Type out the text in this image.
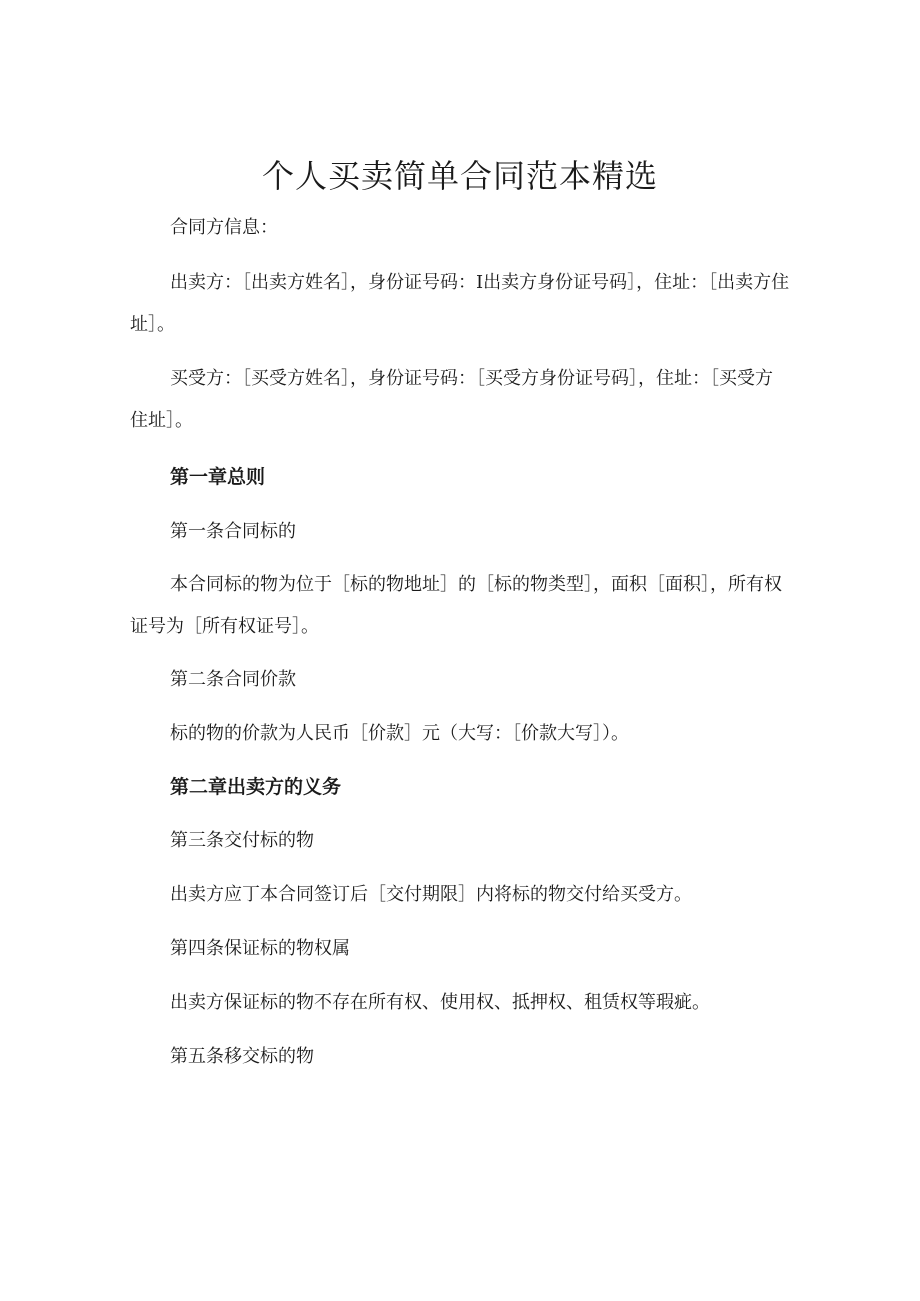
个人买卖简单合同范本精选

合同方信息：

出卖方：［出卖方姓名］，身份证号码：I出卖方身份证号码］，住址：［出卖方住址］。

买受方：［买受方姓名］，身份证号码：［买受方身份证号码］，住址：［买受方住址］。

第一章总则

第一条合同标的

本合同标的物为位于［标的物地址］的［标的物类型］，面积［面积］，所有权证号为［所有权证号］。

第二条合同价款

标的物的价款为人民币［价款］元（大写：［价款大写］）。

第二章出卖方的义务

第三条交付标的物

出卖方应丁本合同签订后［交付期限］内将标的物交付给买受方。

第四条保证标的物权属

出卖方保证标的物不存在所有权、使用权、抵押权、租赁权等瑕疵。

第五条移交标的物
